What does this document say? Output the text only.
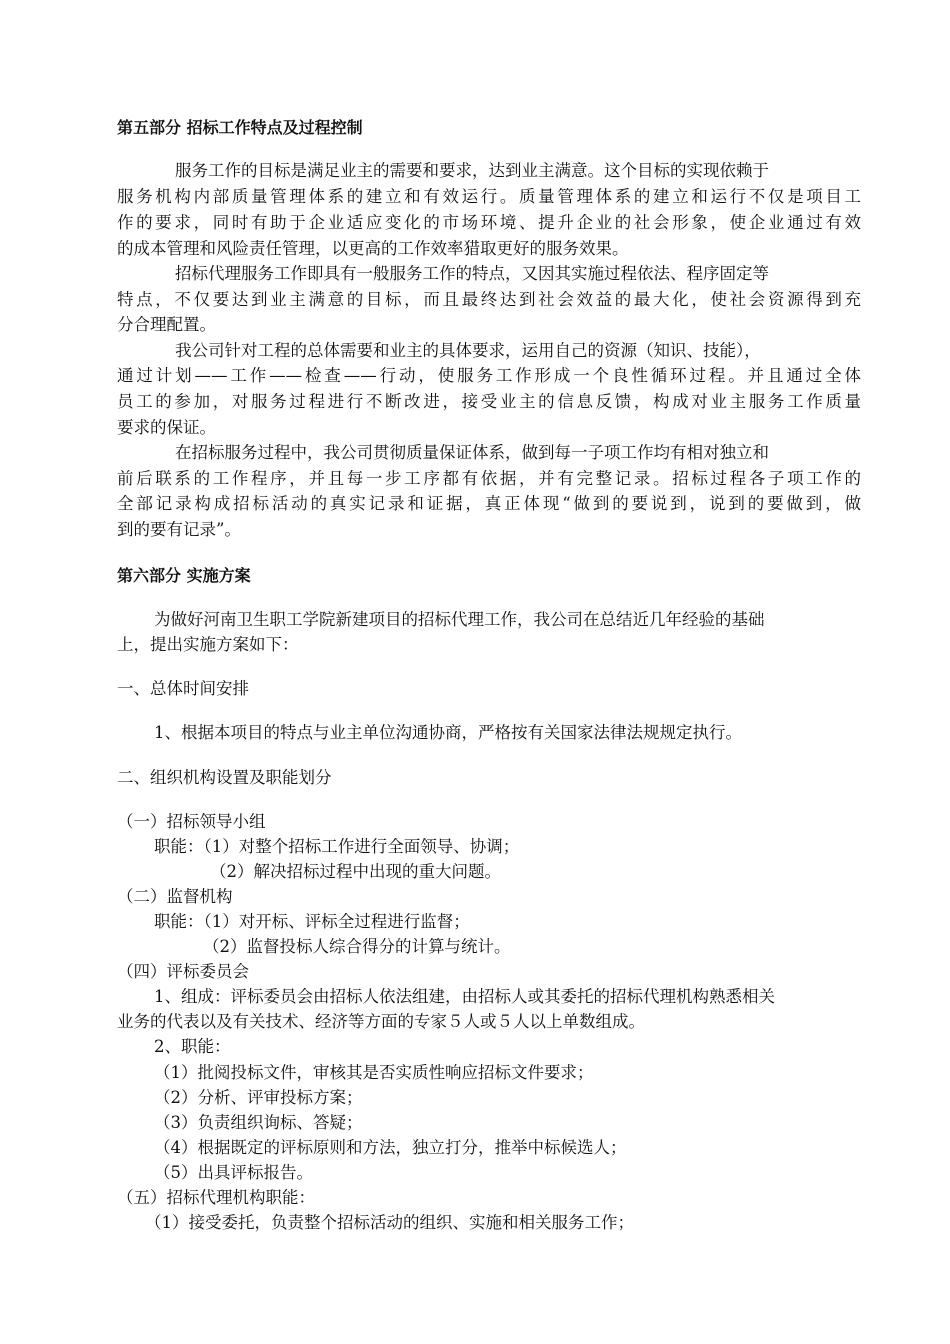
第五部分 招标工作特点及过程控制
服务工作的目标是满足业主的需要和要求，达到业主满意。这个目标的实现依赖于
服务机构内部质量管理体系的建立和有效运行。质量管理体系的建立和运行不仅是项目工
作的要求，同时有助于企业适应变化的市场环境、提升企业的社会形象，使企业通过有效
的成本管理和风险责任管理，以更高的工作效率猎取更好的服务效果。
招标代理服务工作即具有一般服务工作的特点，又因其实施过程依法、程序固定等
特点，不仅要达到业主满意的目标，而且最终达到社会效益的最大化，使社会资源得到充
分合理配置。
我公司针对工程的总体需要和业主的具体要求，运用自己的资源（知识、技能），
通过计划——工作——检查——行动，使服务工作形成一个良性循环过程。并且通过全体
员工的参加，对服务过程进行不断改进，接受业主的信息反馈，构成对业主服务工作质量
要求的保证。
在招标服务过程中，我公司贯彻质量保证体系，做到每一子项工作均有相对独立和
前后联系的工作程序，并且每一步工序都有依据，并有完整记录。招标过程各子项工作的
全部记录构成招标活动的真实记录和证据，真正体现“做到的要说到，说到的要做到，做
到的要有记录”。
第六部分 实施方案
为做好河南卫生职工学院新建项目的招标代理工作，我公司在总结近几年经验的基础
上，提出实施方案如下：
一、总体时间安排
1、根据本项目的特点与业主单位沟通协商，严格按有关国家法律法规规定执行。
二、组织机构设置及职能划分
（一）招标领导小组
职能：（1）对整个招标工作进行全面领导、协调；
（2）解决招标过程中出现的重大问题。
（二）监督机构
职能：（1）对开标、评标全过程进行监督；
（2）监督投标人综合得分的计算与统计。
（四）评标委员会
1、组成：评标委员会由招标人依法组建，由招标人或其委托的招标代理机构熟悉相关
业务的代表以及有关技术、经济等方面的专家５人或５人以上单数组成。
2、职能：
（1）批阅投标文件，审核其是否实质性响应招标文件要求；
（2）分析、评审投标方案；
（3）负责组织询标、答疑；
（4）根据既定的评标原则和方法，独立打分，推举中标候选人；
（5）出具评标报告。
（五）招标代理机构职能：
（1）接受委托，负责整个招标活动的组织、实施和相关服务工作；
